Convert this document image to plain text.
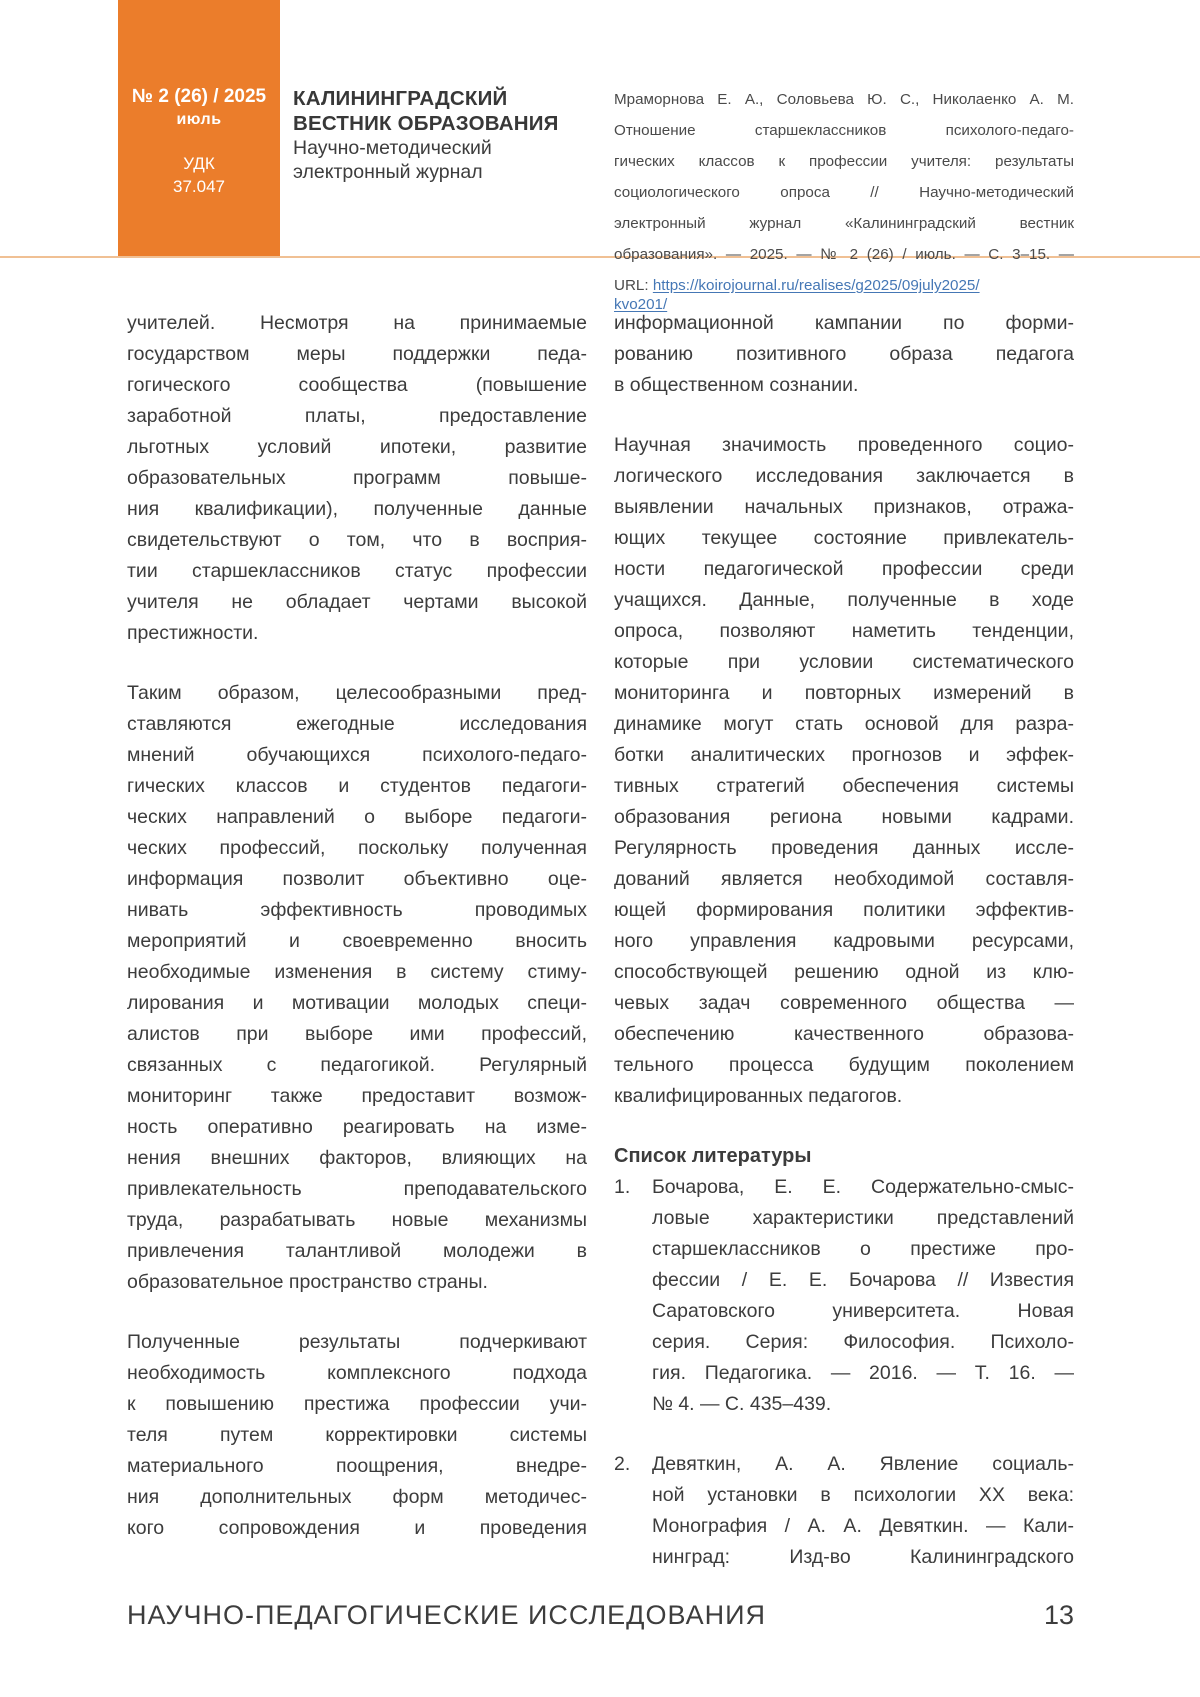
№ 2 (26) / 2025
июль
УДК
37.047
КАЛИНИНГРАДСКИЙ
ВЕСТНИК ОБРАЗОВАНИЯ
Научно-методический
электронный журнал
Мраморнова Е. А., Соловьева Ю. С., Николаенко А. М.
Отношение старшеклассников психолого-педаго-
гических классов к профессии учителя: результаты
социологического опроса // Научно-методический
электронный журнал «Калининградский вестник
образования». — 2025. — № 2 (26) / июль. — С. 3–15. —
URL: https://koirojournal.ru/realises/g2025/09july2025/
kvo201/
учителей. Несмотря на принимаемые
государством меры поддержки педа-
гогического сообщества (повышение
заработной платы, предоставление
льготных условий ипотеки, развитие
образовательных программ повыше-
ния квалификации), полученные данные
свидетельствуют о том, что в восприя-
тии старшеклассников статус профессии
учителя не обладает чертами высокой
престижности.
Таким образом, целесообразными пред-
ставляются ежегодные исследования
мнений обучающихся психолого-педаго-
гических классов и студентов педагоги-
ческих направлений о выборе педагоги-
ческих профессий, поскольку полученная
информация позволит объективно оце-
нивать эффективность проводимых
мероприятий и своевременно вносить
необходимые изменения в систему стиму-
лирования и мотивации молодых специ-
алистов при выборе ими профессий,
связанных с педагогикой. Регулярный
мониторинг также предоставит возмож-
ность оперативно реагировать на изме-
нения внешних факторов, влияющих на
привлекательность преподавательского
труда, разрабатывать новые механизмы
привлечения талантливой молодежи в
образовательное пространство страны.
Полученные результаты подчеркивают
необходимость комплексного подхода
к повышению престижа профессии учи-
теля путем корректировки системы
материального поощрения, внедре-
ния дополнительных форм методичес-
кого сопровождения и проведения
информационной кампании по форми-
рованию позитивного образа педагога
в общественном сознании.
Научная значимость проведенного социо-
логического исследования заключается в
выявлении начальных признаков, отража-
ющих текущее состояние привлекатель-
ности педагогической профессии среди
учащихся. Данные, полученные в ходе
опроса, позволяют наметить тенденции,
которые при условии систематического
мониторинга и повторных измерений в
динамике могут стать основой для разра-
ботки аналитических прогнозов и эффек-
тивных стратегий обеспечения системы
образования региона новыми кадрами.
Регулярность проведения данных иссле-
дований является необходимой составля-
ющей формирования политики эффектив-
ного управления кадровыми ресурсами,
способствующей решению одной из клю-
чевых задач современного общества —
обеспечению качественного образова-
тельного процесса будущим поколением
квалифицированных педагогов.
Список литературы
1. Бочарова, Е. Е. Содержательно-смыс-
ловые характеристики представлений
старшеклассников о престиже про-
фессии / Е. Е. Бочарова // Известия
Саратовского университета. Новая
серия. Серия: Философия. Психоло-
гия. Педагогика. — 2016. — Т. 16. —
№ 4. — С. 435–439.
2. Девяткин, А. А. Явление социаль-
ной установки в психологии XX века:
Монография / А. А. Девяткин. — Кали-
нинград: Изд-во Калининградского
НАУЧНО-ПЕДАГОГИЧЕСКИЕ ИССЛЕДОВАНИЯ	13
